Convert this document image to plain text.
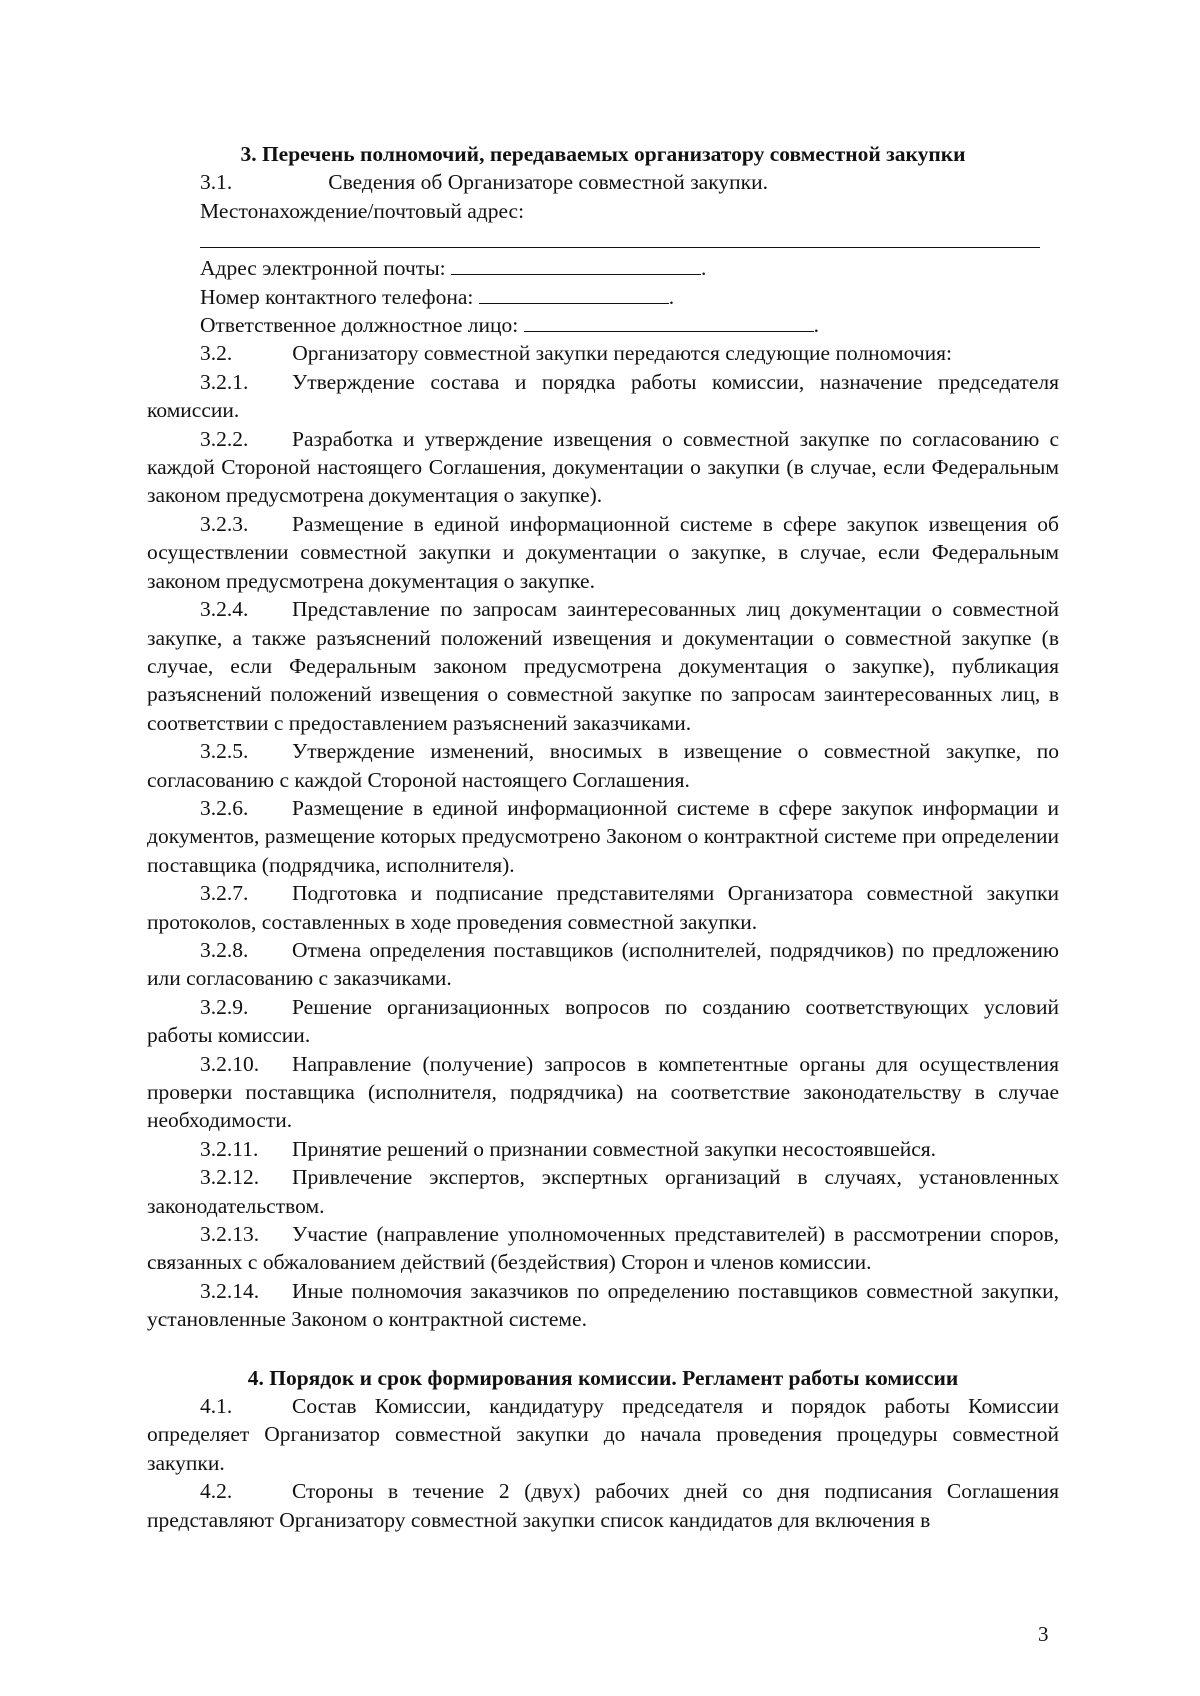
3. Перечень полномочий, передаваемых организатору совместной закупки

3.1.	Сведения об Организаторе совместной закупки.

Местонахождение/почтовый адрес:

Адрес электронной почты:	.

Номер контактного телефона:	.

Ответственное должностное лицо:	.

3.2.	Организатору совместной закупки передаются следующие полномочия:

3.2.1. Утверждение состава и порядка работы комиссии, назначение председателя комиссии.

3.2.2. Разработка и утверждение извещения о совместной закупке по согласованию с каждой Стороной настоящего Соглашения, документации о закупки (в случае, если Федеральным законом предусмотрена документация о закупке).

3.2.3. Размещение в единой информационной системе в сфере закупок извещения об осуществлении совместной закупки и документации о закупке, в случае, если Федеральным законом предусмотрена документация о закупке.

3.2.4. Представление по запросам заинтересованных лиц документации о совместной закупке, а также разъяснений положений извещения и документации о совместной закупке (в случае, если Федеральным законом предусмотрена документация о закупке), публикация разъяснений положений извещения о совместной закупке по запросам заинтересованных лиц, в соответствии с предоставлением разъяснений заказчиками.

3.2.5. Утверждение изменений, вносимых в извещение о совместной закупке, по согласованию с каждой Стороной настоящего Соглашения.

3.2.6. Размещение в единой информационной системе в сфере закупок информации и документов, размещение которых предусмотрено Законом о контрактной системе при определении поставщика (подрядчика, исполнителя).

3.2.7. Подготовка и подписание представителями Организатора совместной закупки протоколов, составленных в ходе проведения совместной закупки.

3.2.8. Отмена определения поставщиков (исполнителей, подрядчиков) по предложению или согласованию с заказчиками.

3.2.9. Решение организационных вопросов по созданию соответствующих условий работы комиссии.

3.2.10. Направление (получение) запросов в компетентные органы для осуществления проверки поставщика (исполнителя, подрядчика) на соответствие законодательству в случае необходимости.

3.2.11. Принятие решений о признании совместной закупки несостоявшейся.

3.2.12. Привлечение экспертов, экспертных организаций в случаях, установленных законодательством.

3.2.13. Участие (направление уполномоченных представителей) в рассмотрении споров, связанных с обжалованием действий (бездействия) Сторон и членов комиссии.

3.2.14. Иные полномочия заказчиков по определению поставщиков совместной закупки, установленные Законом о контрактной системе.

4. Порядок и срок формирования комиссии. Регламент работы комиссии

4.1.	Состав Комиссии, кандидатуру председателя и порядок работы Комиссии определяет Организатор совместной закупки до начала проведения процедуры совместной закупки.

4.2.	Стороны в течение 2 (двух) рабочих дней со дня подписания Соглашения представляют Организатору совместной закупки список кандидатов для включения в

3
